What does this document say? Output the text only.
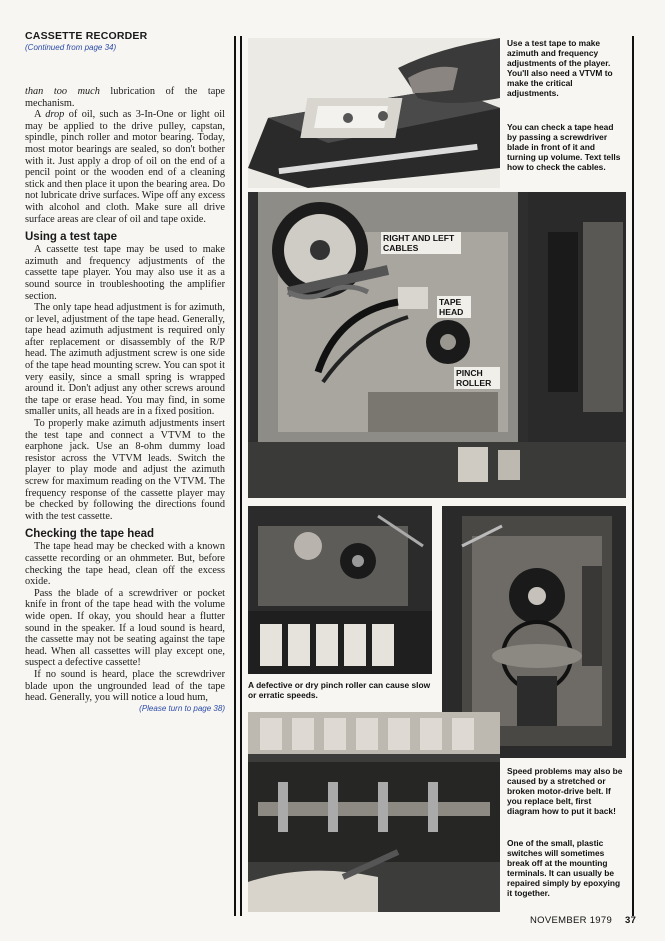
CASSETTE RECORDER
(Continued from page 34)

than too much lubrication of the tape mechanism.

A drop of oil, such as 3-In-One or light oil may be applied to the drive pulley, capstan, spindle, pinch roller and motor bearing. Today, most motor bearings are sealed, so don't bother with it. Just apply a drop of oil on the end of a pencil point or the wooden end of a cleaning stick and then place it upon the bearing area. Do not lubricate drive surfaces. Wipe off any excess with alcohol and cloth. Make sure all drive surface areas are clear of oil and tape oxide.

Using a test tape

A cassette test tape may be used to make azimuth and frequency adjustments of the cassette tape player. You may also use it as a sound source in troubleshooting the amplifier section.

The only tape head adjustment is for azimuth, or level, adjustment of the tape head. Generally, tape head azimuth adjustment is required only after replacement or disassembly of the R/P head. The azimuth adjustment screw is one side of the tape head mounting screw. You can spot it very easily, since a small spring is wrapped around it. Don't adjust any other screws around the tape or erase head. You may find, in some smaller units, all heads are in a fixed position.

To properly make azimuth adjustments insert the test tape and connect a VTVM to the earphone jack. Use an 8-ohm dummy load resistor across the VTVM leads. Switch the player to play mode and adjust the azimuth screw for maximum reading on the VTVM. The frequency response of the cassette player may be checked by following the directions found with the test cassette.

Checking the tape head

The tape head may be checked with a known cassette recording or an ohmmeter. But, before checking the tape head, clean off the excess oxide.

Pass the blade of a screwdriver or pocket knife in front of the tape head with the volume wide open. If okay, you should hear a flutter sound in the speaker. If a loud sound is heard, the cassette may not be seating against the tape head. When all cassettes will play except one, suspect a defective cassette!

If no sound is heard, place the screwdriver blade upon the ungrounded lead of the tape head. Generally, you will notice a loud hum,

(Please turn to page 38)
Use a test tape to make azimuth and frequency adjustments of the player. You'll also need a VTVM to make the critical adjustments.
You can check a tape head by passing a screwdriver blade in front of it and turning up volume. Text tells how to check the cables.
RIGHT AND LEFT CABLES
TAPE HEAD
PINCH ROLLER
A defective or dry pinch roller can cause slow or erratic speeds.
Speed problems may also be caused by a stretched or broken motor-drive belt. If you replace belt, first diagram how to put it back!
One of the small, plastic switches will sometimes break off at the mounting terminals. It can usually be repaired simply by epoxying it together.
NOVEMBER 1979 37
